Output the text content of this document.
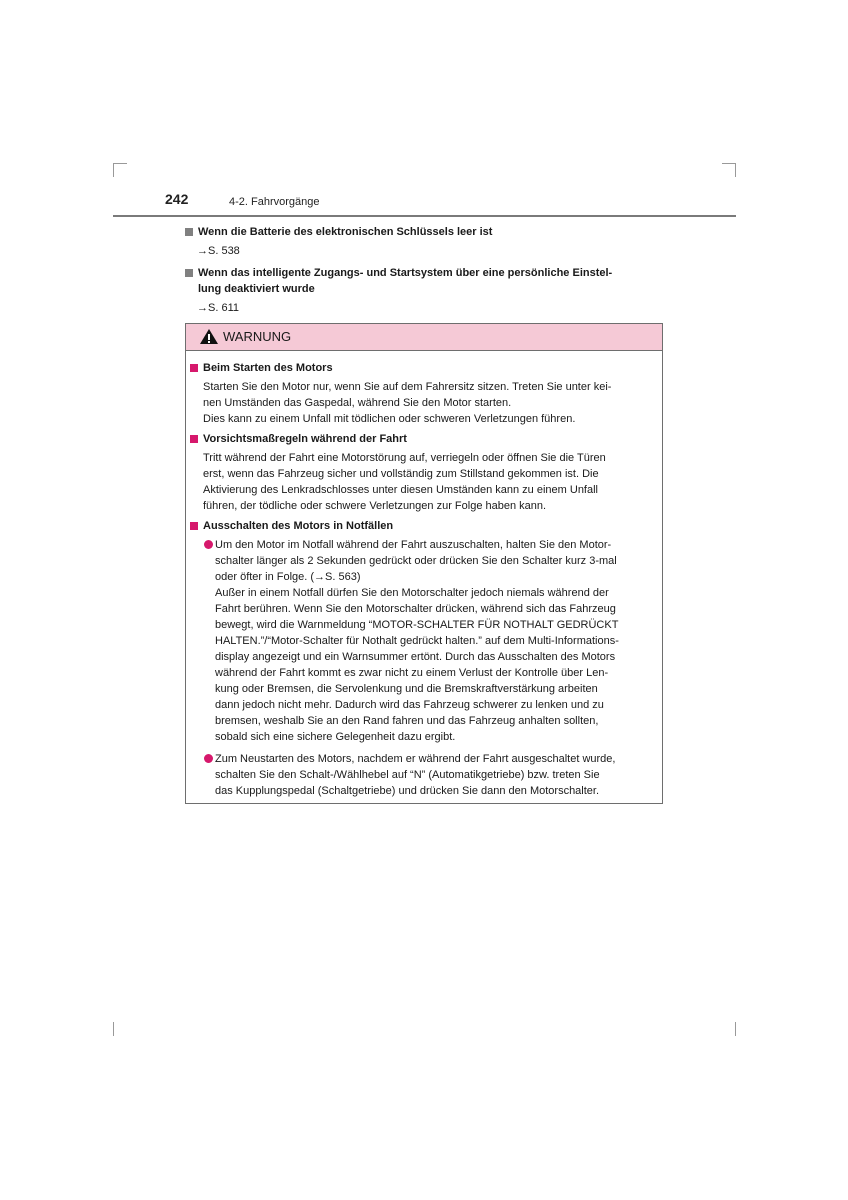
242	4-2. Fahrvorgänge
Wenn die Batterie des elektronischen Schlüssels leer ist
→S. 538
Wenn das intelligente Zugangs- und Startsystem über eine persönliche Einstel-
lung deaktiviert wurde
→S. 611
WARNUNG
Beim Starten des Motors
Starten Sie den Motor nur, wenn Sie auf dem Fahrersitz sitzen. Treten Sie unter kei-
nen Umständen das Gaspedal, während Sie den Motor starten.
Dies kann zu einem Unfall mit tödlichen oder schweren Verletzungen führen.
Vorsichtsmaßregeln während der Fahrt
Tritt während der Fahrt eine Motorstörung auf, verriegeln oder öffnen Sie die Türen
erst, wenn das Fahrzeug sicher und vollständig zum Stillstand gekommen ist. Die
Aktivierung des Lenkradschlosses unter diesen Umständen kann zu einem Unfall
führen, der tödliche oder schwere Verletzungen zur Folge haben kann.
Ausschalten des Motors in Notfällen
Um den Motor im Notfall während der Fahrt auszuschalten, halten Sie den Motor-
schalter länger als 2 Sekunden gedrückt oder drücken Sie den Schalter kurz 3-mal
oder öfter in Folge. (→S. 563)
Außer in einem Notfall dürfen Sie den Motorschalter jedoch niemals während der
Fahrt berühren. Wenn Sie den Motorschalter drücken, während sich das Fahrzeug
bewegt, wird die Warnmeldung “MOTOR-SCHALTER FÜR NOTHALT GEDRÜCKT
HALTEN.”/“Motor-Schalter für Nothalt gedrückt halten.” auf dem Multi-Informations-
display angezeigt und ein Warnsummer ertönt. Durch das Ausschalten des Motors
während der Fahrt kommt es zwar nicht zu einem Verlust der Kontrolle über Len-
kung oder Bremsen, die Servolenkung und die Bremskraftverstärkung arbeiten
dann jedoch nicht mehr. Dadurch wird das Fahrzeug schwerer zu lenken und zu
bremsen, weshalb Sie an den Rand fahren und das Fahrzeug anhalten sollten,
sobald sich eine sichere Gelegenheit dazu ergibt.
Zum Neustarten des Motors, nachdem er während der Fahrt ausgeschaltet wurde,
schalten Sie den Schalt-/Wählhebel auf “N” (Automatikgetriebe) bzw. treten Sie
das Kupplungspedal (Schaltgetriebe) und drücken Sie dann den Motorschalter.
